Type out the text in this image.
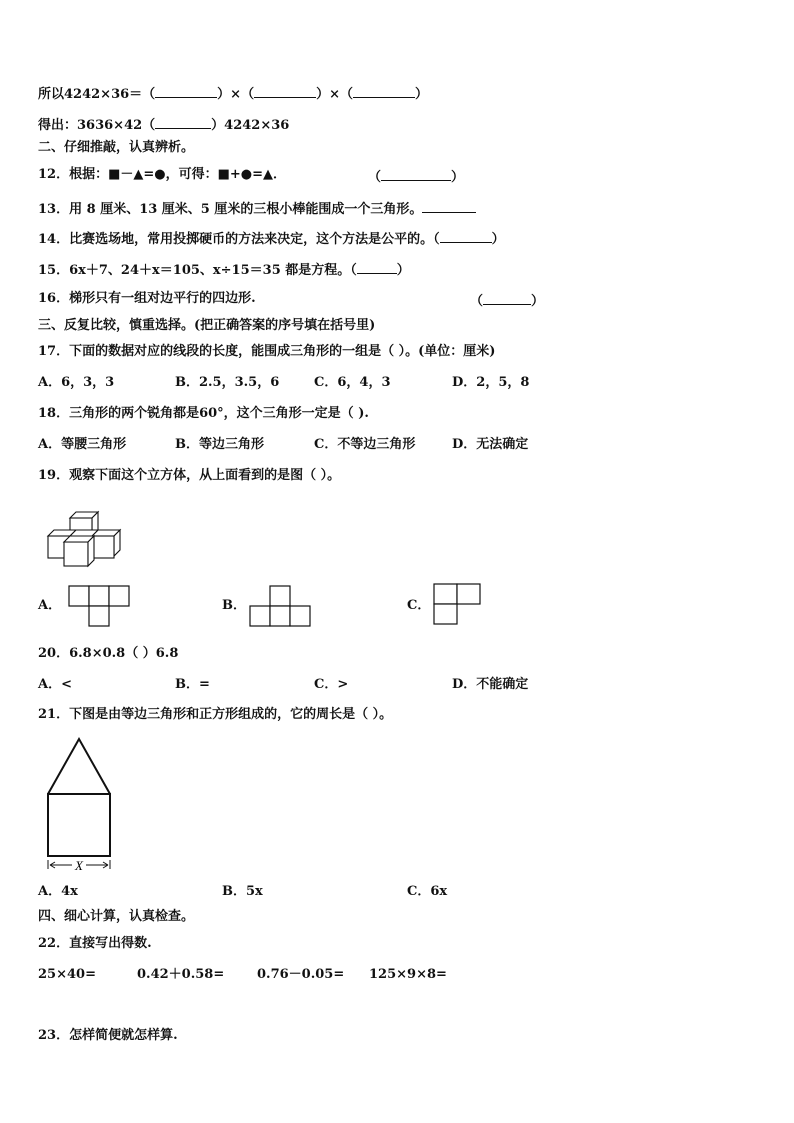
所以4242×36＝（	）×（	）×（	）
得出：3636×42（	）4242×36
二、仔细推敲，认真辨析。
12．根据：■－▲=●，可得：■+●=▲．	（	）
13．用 8 厘米、13 厘米、5 厘米的三根小棒能围成一个三角形。
14．比赛选场地，常用投掷硬币的方法来决定，这个方法是公平的。（	）
15．6x＋7、24＋x＝105、x÷15＝35 都是方程。（	）
16．梯形只有一组对边平行的四边形.	（	）
三、反复比较，慎重选择。(把正确答案的序号填在括号里)
17．下面的数据对应的线段的长度，能围成三角形的一组是（ ）。(单位：厘米)
A．6，3，3	B．2.5，3.5，6	C．6，4，3	D．2，5，8
18．三角形的两个锐角都是60°，这个三角形一定是（ ).
A．等腰三角形	B．等边三角形	C．不等边三角形	D．无法确定
19．观察下面这个立方体，从上面看到的是图（ ）。
A．	B．	C．
20．6.8×0.8（ ）6.8
A．<	B．=	C．>	D．不能确定
21．下图是由等边三角形和正方形组成的，它的周长是（ ）。
X
A．4x	B．5x	C．6x
四、细心计算，认真检查。
22．直接写出得数.
25×40=	0.42＋0.58=	0.76－0.05= 125×9×8=
23．怎样简便就怎样算.
